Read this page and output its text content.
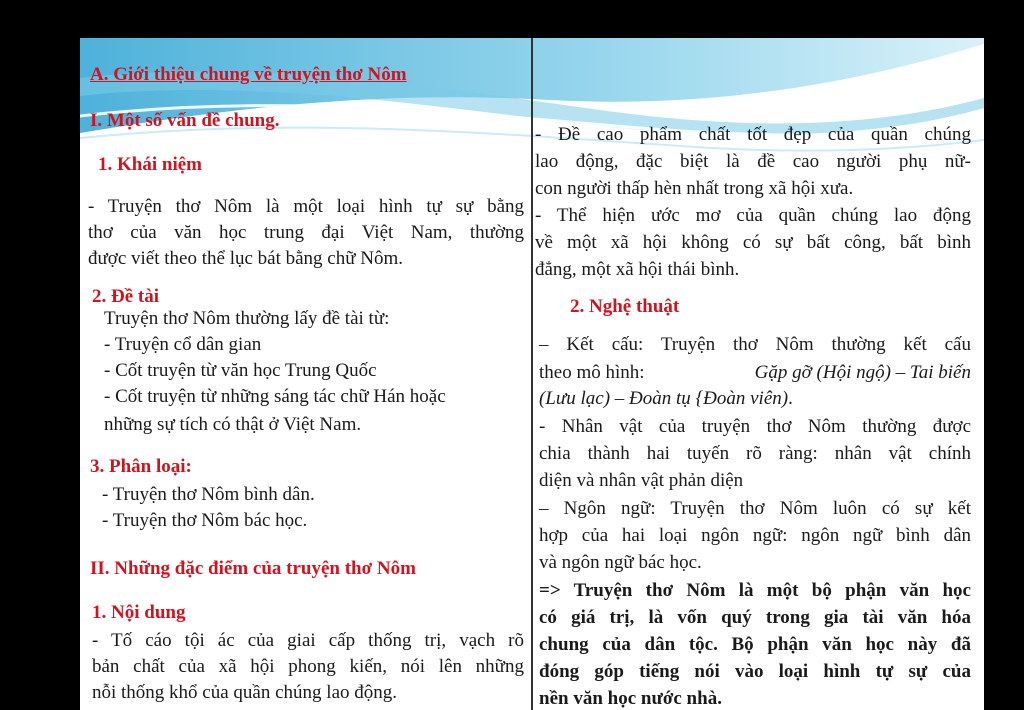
A. Giới thiệu chung về truyện thơ Nôm
I. Một số vấn đề chung.
1. Khái niệm
- Truyện thơ Nôm là một loại hình tự sự bằng
thơ của văn học trung đại Việt Nam, thường
được viết theo thể lục bát bằng chữ Nôm.
2. Đề tài
Truyện thơ Nôm thường lấy đề tài từ:
- Truyện cổ dân gian
- Cốt truyện từ văn học Trung Quốc
- Cốt truyện từ những sáng tác chữ Hán hoặc
những sự tích có thật ở Việt Nam.
3. Phân loại:
- Truyện thơ Nôm bình dân.
- Truyện thơ Nôm bác học.
II. Những đặc điểm của truyện thơ Nôm
1. Nội dung
- Tố cáo tội ác của giai cấp thống trị, vạch rõ
bản chất của xã hội phong kiến, nói lên những
nỗi thống khổ của quần chúng lao động.
- Đề cao phẩm chất tốt đẹp của quần chúng
lao động, đặc biệt là đề cao người phụ nữ-
con người thấp hèn nhất trong xã hội xưa.
- Thể hiện ước mơ của quần chúng lao động
về một xã hội không có sự bất công, bất bình
đẳng, một xã hội thái bình.
2. Nghệ thuật
– Kết cấu: Truyện thơ Nôm thường kết cấu
theo mô hình:	Gặp gỡ (Hội ngộ) – Tai biến
(Lưu lạc) – Đoàn tụ {Đoàn viên).
- Nhân vật của truyện thơ Nôm thường được
chia thành hai tuyến rõ ràng: nhân vật chính
diện và nhân vật phản diện
– Ngôn ngữ: Truyện thơ Nôm luôn có sự kết
hợp của hai loại ngôn ngữ: ngôn ngữ bình dân
và ngôn ngữ bác học.
=> Truyện thơ Nôm là một bộ phận văn học
có giá trị, là vốn quý trong gia tài văn hóa
chung của dân tộc. Bộ phận văn học này đã
đóng góp tiếng nói vào loại hình tự sự của
nền văn học nước nhà.
